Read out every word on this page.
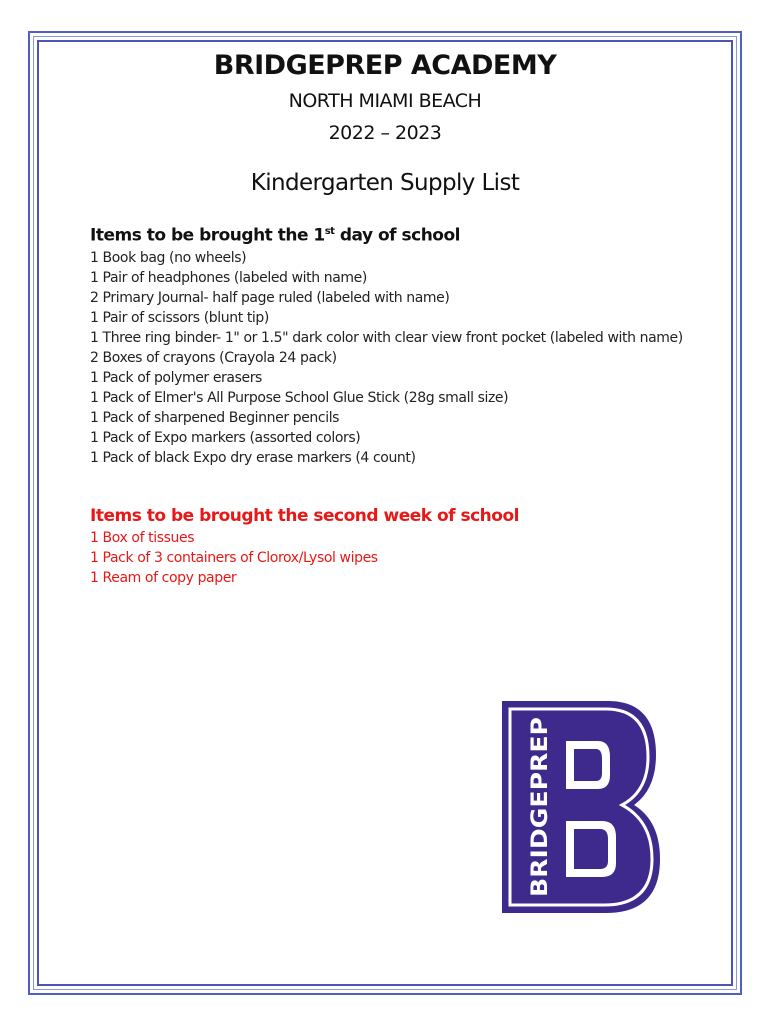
BRIDGEPREP ACADEMY
NORTH MIAMI BEACH
2022 – 2023
Kindergarten Supply List

Items to be brought the 1st day of school

1 Book bag (no wheels)
1 Pair of headphones (labeled with name)
2 Primary Journal- half page ruled (labeled with name)
1 Pair of scissors (blunt tip)
1 Three ring binder- 1" or 1.5" dark color with clear view front pocket (labeled with name)
2 Boxes of crayons (Crayola 24 pack)
1 Pack of polymer erasers
1 Pack of Elmer's All Purpose School Glue Stick (28g small size)
1 Pack of sharpened Beginner pencils
1 Pack of Expo markers (assorted colors)
1 Pack of black Expo dry erase markers (4 count)

Items to be brought the second week of school

1 Box of tissues
1 Pack of 3 containers of Clorox/Lysol wipes
1 Ream of copy paper
BRIDGEPREP
